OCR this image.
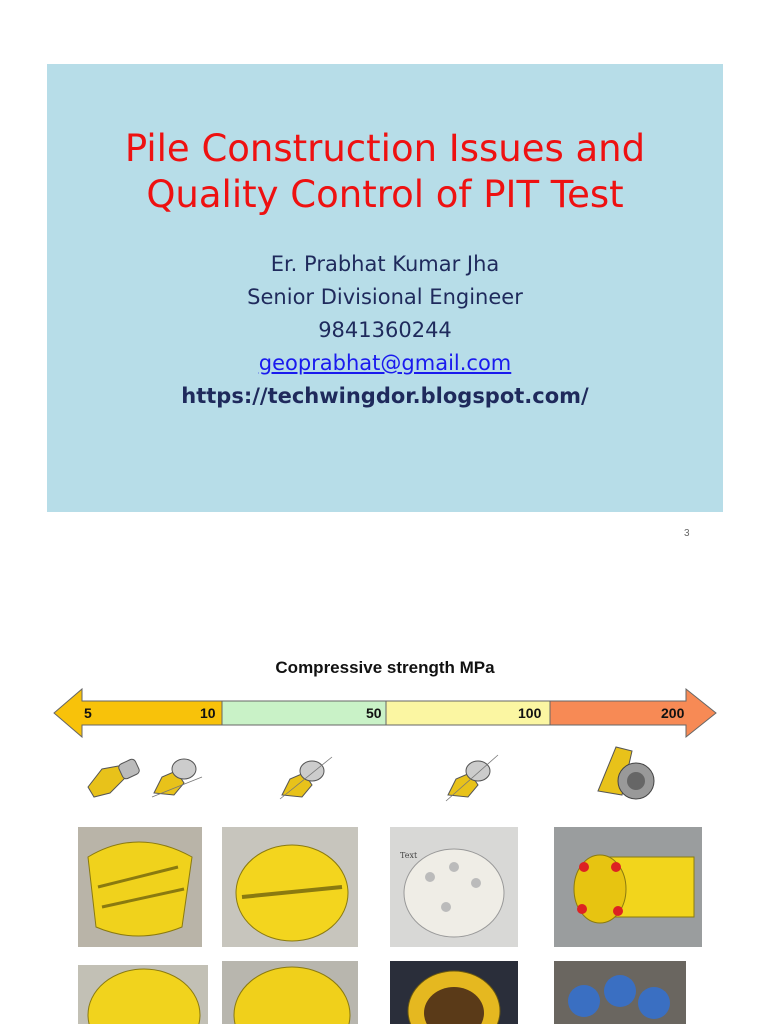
Pile Construction Issues and
Quality Control of PIT Test
Er. Prabhat Kumar Jha
Senior Divisional Engineer
9841360244
geoprabhat@gmail.com
https://techwingdor.blogspot.com/
3
Compressive strength MPa
5	10	50	100	200
Text
